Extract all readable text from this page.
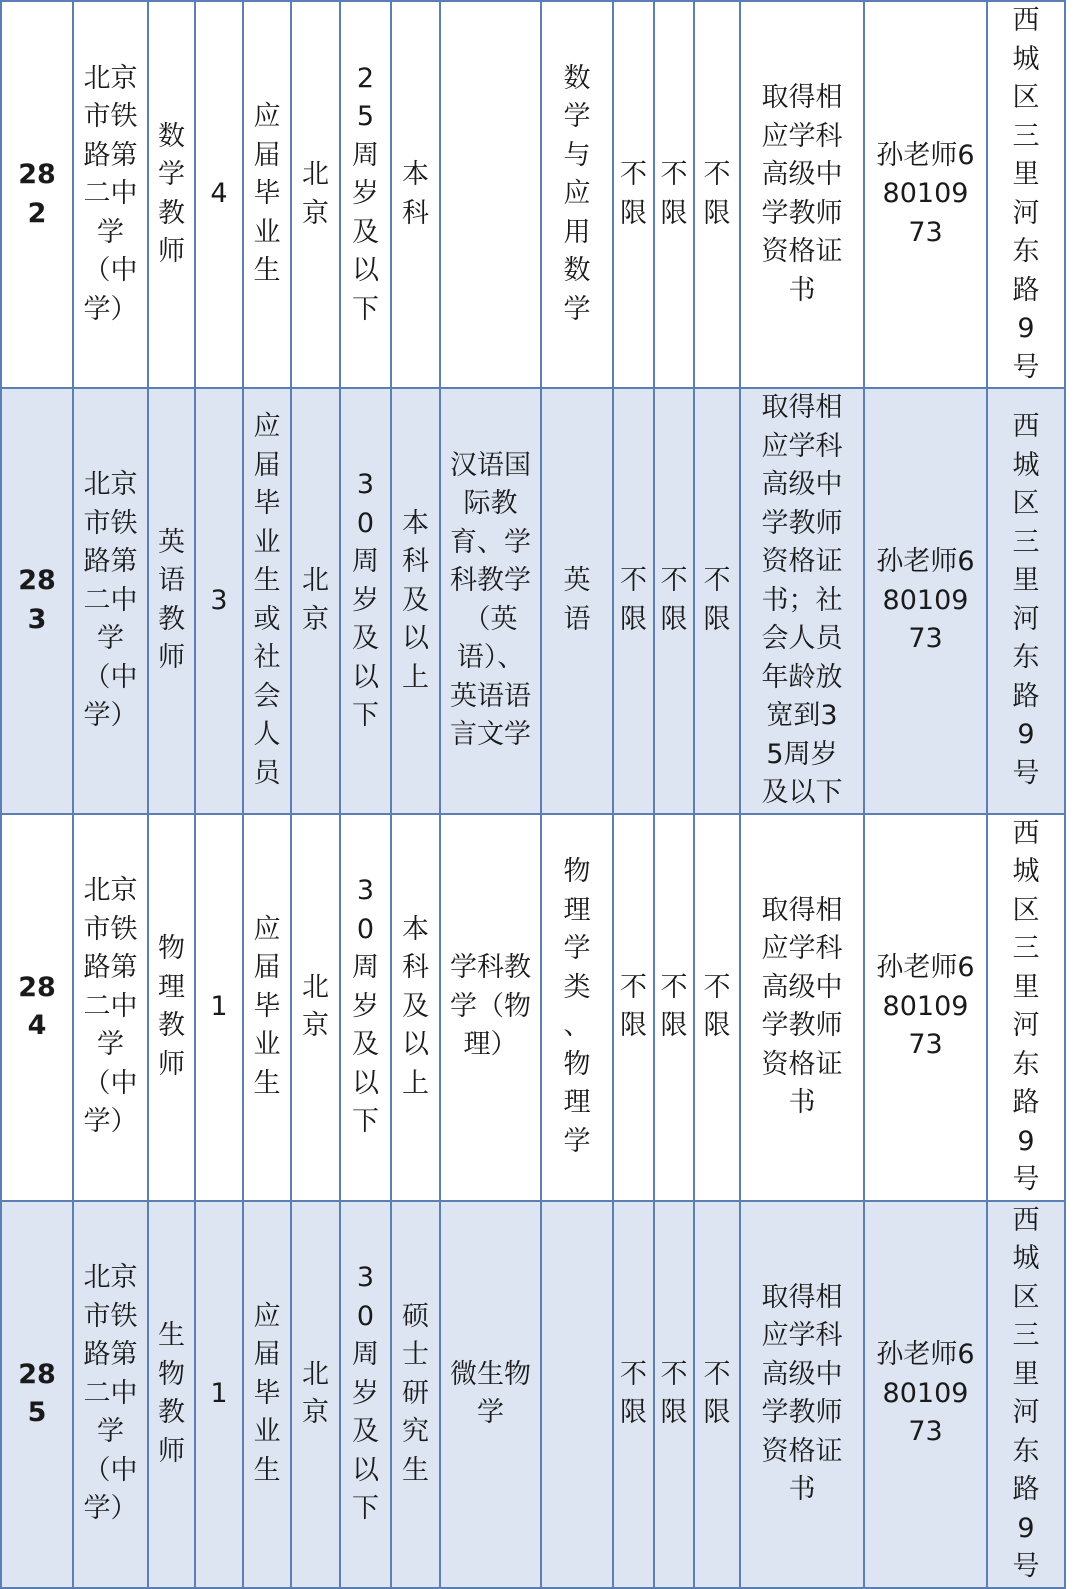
282	北京市铁路第二中学（中学）	数学教师	4	应届毕业生	北京	25周岁及以下	本科		数学与应用数学	不限	不限	不限	取得相应学科高级中学教师资格证书	孙老师68010973	西城区三里河东路9号
283	北京市铁路第二中学（中学）	英语教师	3	应届毕业生或社会人员	北京	30周岁及以下	本科及以上	汉语国际教育、学科教学（英语）、英语语言文学	英语	不限	不限	不限	取得相应学科高级中学教师资格证书；社会人员年龄放宽到35周岁及以下	孙老师68010973	西城区三里河东路9号
284	北京市铁路第二中学（中学）	物理教师	1	应届毕业生	北京	30周岁及以下	本科及以上	学科教学（物理）	物理学类、物理学	不限	不限	不限	取得相应学科高级中学教师资格证书	孙老师68010973	西城区三里河东路9号
285	北京市铁路第二中学（中学）	生物教师	1	应届毕业生	北京	30周岁及以下	硕士研究生	微生物学		不限	不限	不限	取得相应学科高级中学教师资格证书	孙老师68010973	西城区三里河东路9号
